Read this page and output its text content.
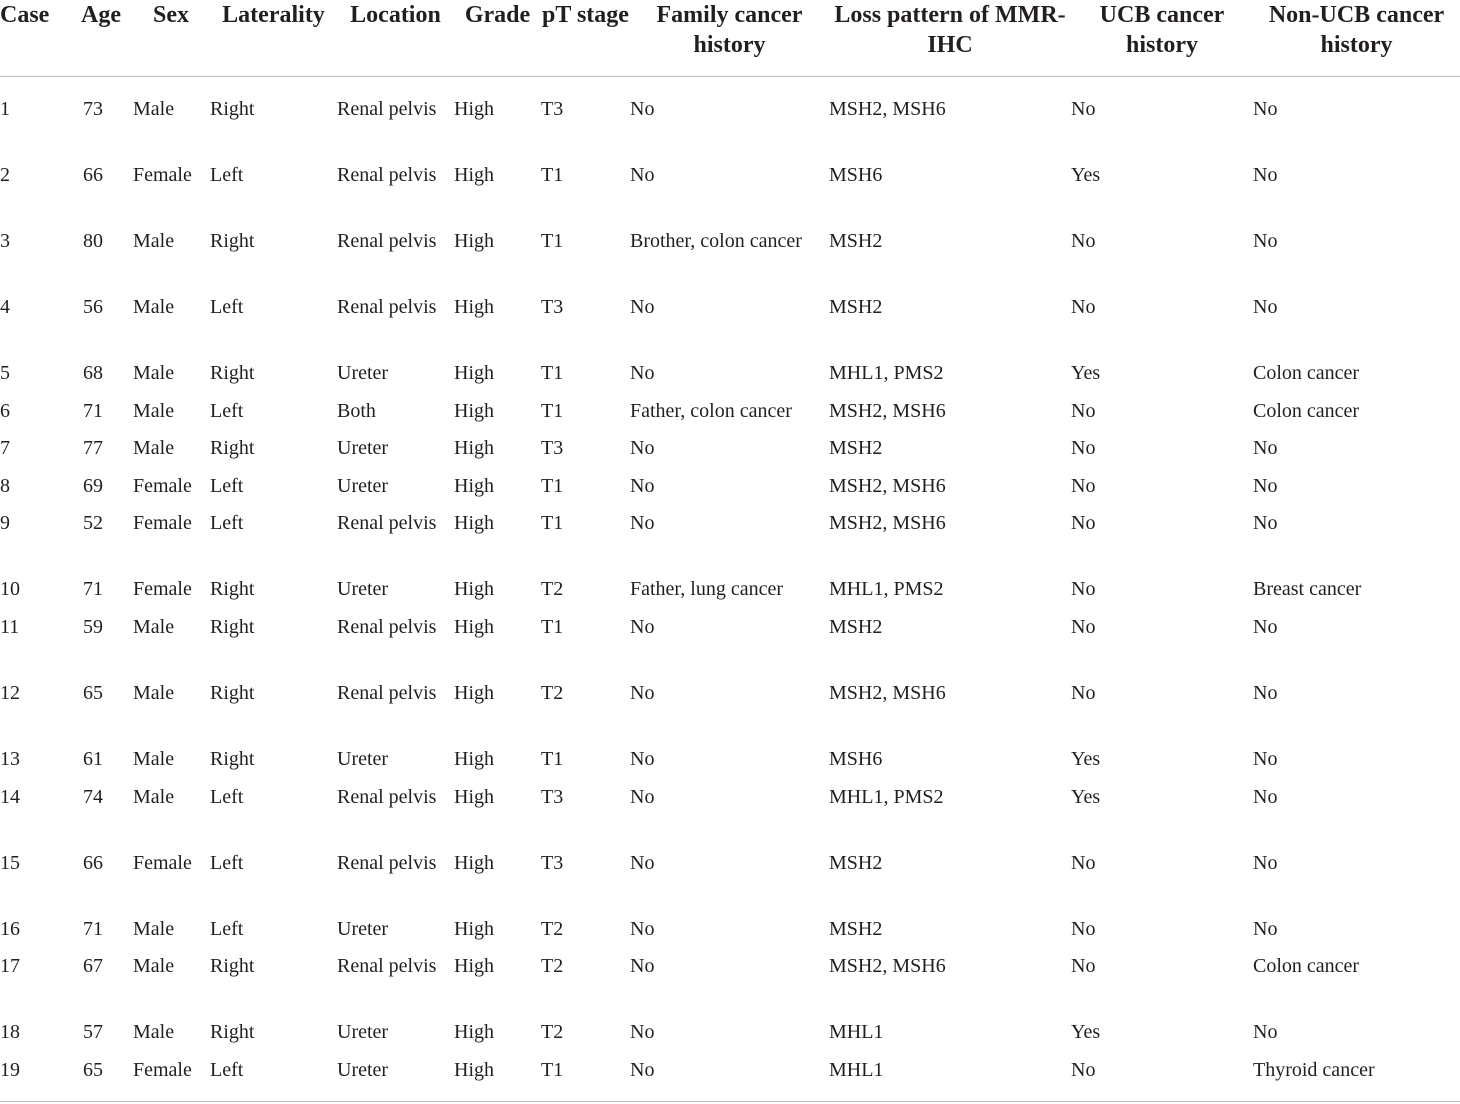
Case	Age	Sex	Laterality	Location	Grade	pT stage	Family cancer history	Loss pattern of MMR-IHC	UCB cancer history	Non-UCB cancer history
1	73	Male	Right	Renal pelvis	High	T3	No	MSH2, MSH6	No	No
2	66	Female	Left	Renal pelvis	High	T1	No	MSH6	Yes	No
3	80	Male	Right	Renal pelvis	High	T1	Brother, colon cancer	MSH2	No	No
4	56	Male	Left	Renal pelvis	High	T3	No	MSH2	No	No
5	68	Male	Right	Ureter	High	T1	No	MHL1, PMS2	Yes	Colon cancer
6	71	Male	Left	Both	High	T1	Father, colon cancer	MSH2, MSH6	No	Colon cancer
7	77	Male	Right	Ureter	High	T3	No	MSH2	No	No
8	69	Female	Left	Ureter	High	T1	No	MSH2, MSH6	No	No
9	52	Female	Left	Renal pelvis	High	T1	No	MSH2, MSH6	No	No
10	71	Female	Right	Ureter	High	T2	Father, lung cancer	MHL1, PMS2	No	Breast cancer
11	59	Male	Right	Renal pelvis	High	T1	No	MSH2	No	No
12	65	Male	Right	Renal pelvis	High	T2	No	MSH2, MSH6	No	No
13	61	Male	Right	Ureter	High	T1	No	MSH6	Yes	No
14	74	Male	Left	Renal pelvis	High	T3	No	MHL1, PMS2	Yes	No
15	66	Female	Left	Renal pelvis	High	T3	No	MSH2	No	No
16	71	Male	Left	Ureter	High	T2	No	MSH2	No	No
17	67	Male	Right	Renal pelvis	High	T2	No	MSH2, MSH6	No	Colon cancer
18	57	Male	Right	Ureter	High	T2	No	MHL1	Yes	No
19	65	Female	Left	Ureter	High	T1	No	MHL1	No	Thyroid cancer
